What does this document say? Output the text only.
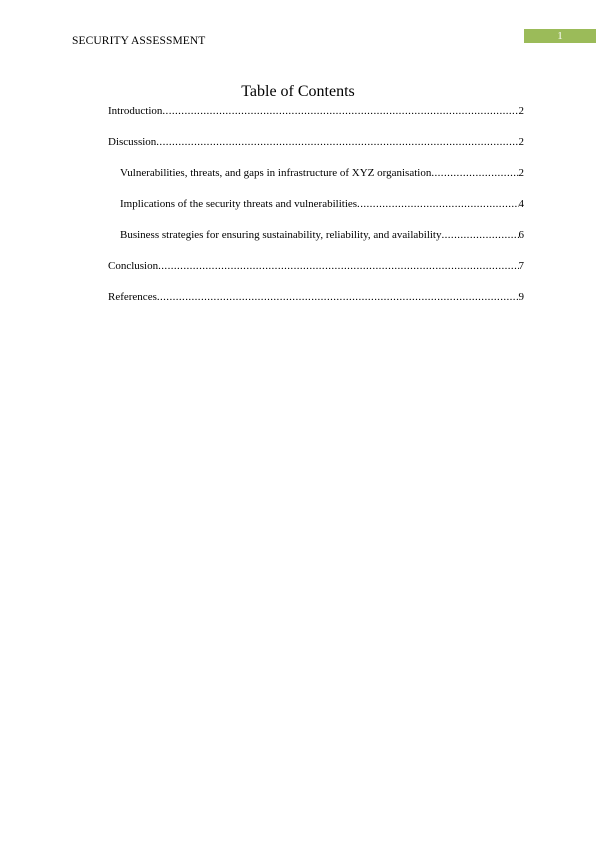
SECURITY ASSESSMENT	1
Table of Contents
Introduction .....	2
Discussion .....	2
Vulnerabilities, threats, and gaps in infrastructure of XYZ organisation .....	2
Implications of the security threats and vulnerabilities .....	4
Business strategies for ensuring sustainability, reliability, and availability .....	6
Conclusion .....	7
References .....	9
